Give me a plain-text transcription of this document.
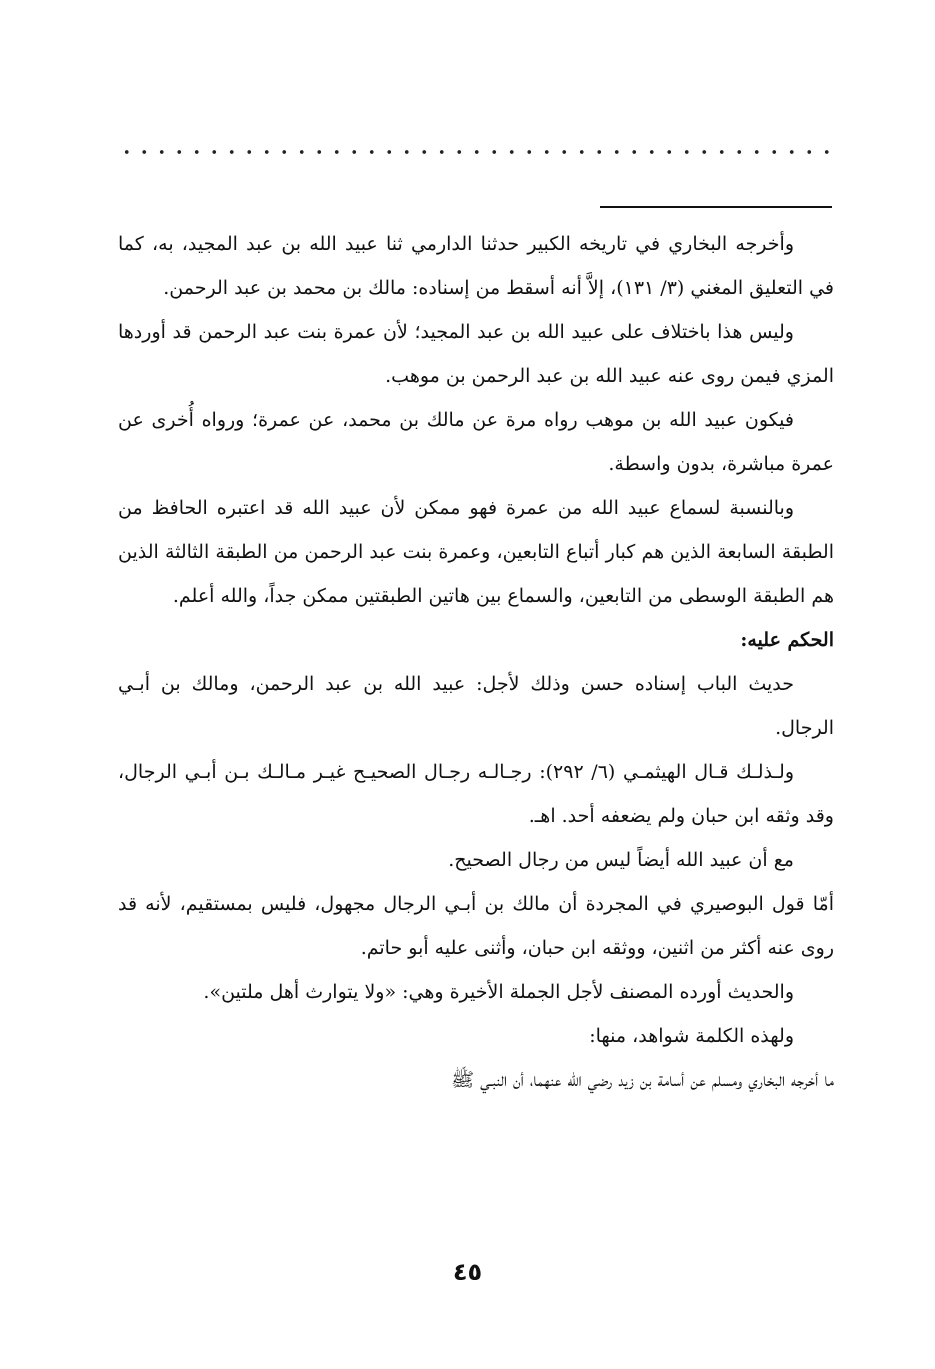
وأخرجه البخاري في تاريخه الكبير حدثنا الدارمي ثنا عبيد الله بن عبد المجيد، به، كما في التعليق المغني (٣/ ١٣١)، إلاَّ أنه أسقط من إسناده: مالك بن محمد بن عبد الرحمن.

وليس هذا باختلاف على عبيد الله بن عبد المجيد؛ لأن عمرة بنت عبد الرحمن قد أوردها المزي فيمن روى عنه عبيد الله بن عبد الرحمن بن موهب.

فيكون عبيد الله بن موهب رواه مرة عن مالك بن محمد، عن عمرة؛ ورواه أُخرى عن عمرة مباشرة، بدون واسطة.

وبالنسبة لسماع عبيد الله من عمرة فهو ممكن لأن عبيد الله قد اعتبره الحافظ من الطبقة السابعة الذين هم كبار أتباع التابعين، وعمرة بنت عبد الرحمن من الطبقة الثالثة الذين هم الطبقة الوسطى من التابعين، والسماع بين هاتين الطبقتين ممكن جداً، والله أعلم.

الحكم عليه:

حديث الباب إسناده حسن وذلك لأجل: عبيد الله بن عبد الرحمن، ومالك بن أبـي الرجال.

ولـذلـك قـال الهيثمـي (٦/ ٢٩٢): رجـالـه رجـال الصحيـح غيـر مـالـك بـن أبـي الرجال، وقد وثقه ابن حبان ولم يضعفه أحد. اهـ.

مع أن عبيد الله أيضاً ليس من رجال الصحيح.

أمّا قول البوصيري في المجردة أن مالك بن أبـي الرجال مجهول، فليس بمستقيم، لأنه قد روى عنه أكثر من اثنين، ووثقه ابن حبان، وأثنى عليه أبو حاتم.

والحديث أورده المصنف لأجل الجملة الأخيرة وهي: «ولا يتوارث أهل ملتين».

ولهذه الكلمة شواهد، منها:

ما أخرجه البخاري ومسلم عن أسامة بن زيد رضي الله عنهما، أن النبـي ﷺ

٤٥
